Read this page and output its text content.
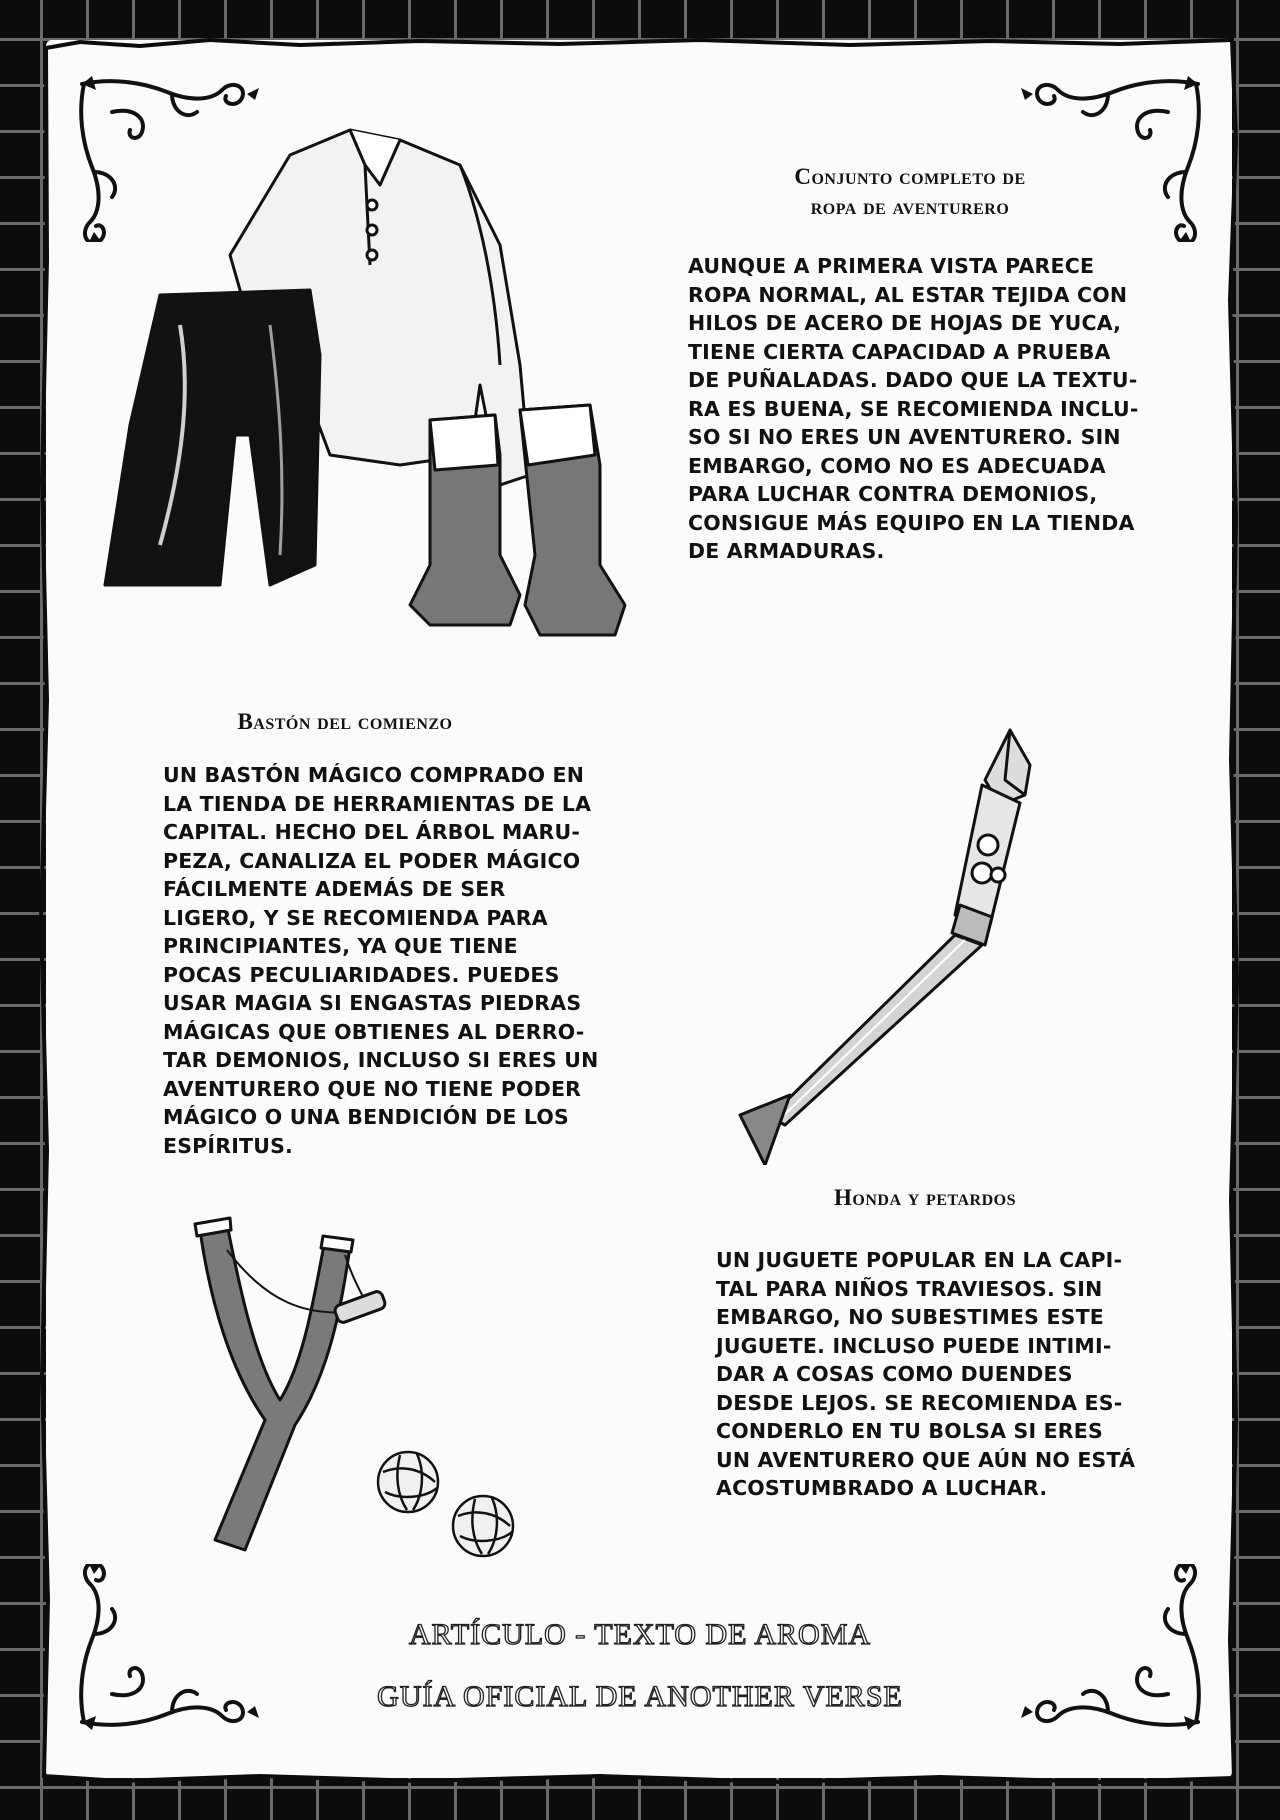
Conjunto completo de
ropa de aventurero
AUNQUE A PRIMERA VISTA PARECE
ROPA NORMAL, AL ESTAR TEJIDA CON
HILOS DE ACERO DE HOJAS DE YUCA,
TIENE CIERTA CAPACIDAD A PRUEBA
DE PUÑALADAS. DADO QUE LA TEXTU-
RA ES BUENA, SE RECOMIENDA INCLU-
SO SI NO ERES UN AVENTURERO. SIN
EMBARGO, COMO NO ES ADECUADA
PARA LUCHAR CONTRA DEMONIOS,
CONSIGUE MÁS EQUIPO EN LA TIENDA
DE ARMADURAS.
Bastón del comienzo
UN BASTÓN MÁGICO COMPRADO EN
LA TIENDA DE HERRAMIENTAS DE LA
CAPITAL. HECHO DEL ÁRBOL MARU-
PEZA, CANALIZA EL PODER MÁGICO
FÁCILMENTE ADEMÁS DE SER
LIGERO, Y SE RECOMIENDA PARA
PRINCIPIANTES, YA QUE TIENE
POCAS PECULIARIDADES. PUEDES
USAR MAGIA SI ENGASTAS PIEDRAS
MÁGICAS QUE OBTIENES AL DERRO-
TAR DEMONIOS, INCLUSO SI ERES UN
AVENTURERO QUE NO TIENE PODER
MÁGICO O UNA BENDICIÓN DE LOS
ESPÍRITUS.
Honda y petardos
UN JUGUETE POPULAR EN LA CAPI-
TAL PARA NIÑOS TRAVIESOS. SIN
EMBARGO, NO SUBESTIMES ESTE
JUGUETE. INCLUSO PUEDE INTIMI-
DAR A COSAS COMO DUENDES
DESDE LEJOS. SE RECOMIENDA ES-
CONDERLO EN TU BOLSA SI ERES
UN AVENTURERO QUE AÚN NO ESTÁ
ACOSTUMBRADO A LUCHAR.
ARTÍCULO - TEXTO DE AROMA
GUÍA OFICIAL DE ANOTHER VERSE
